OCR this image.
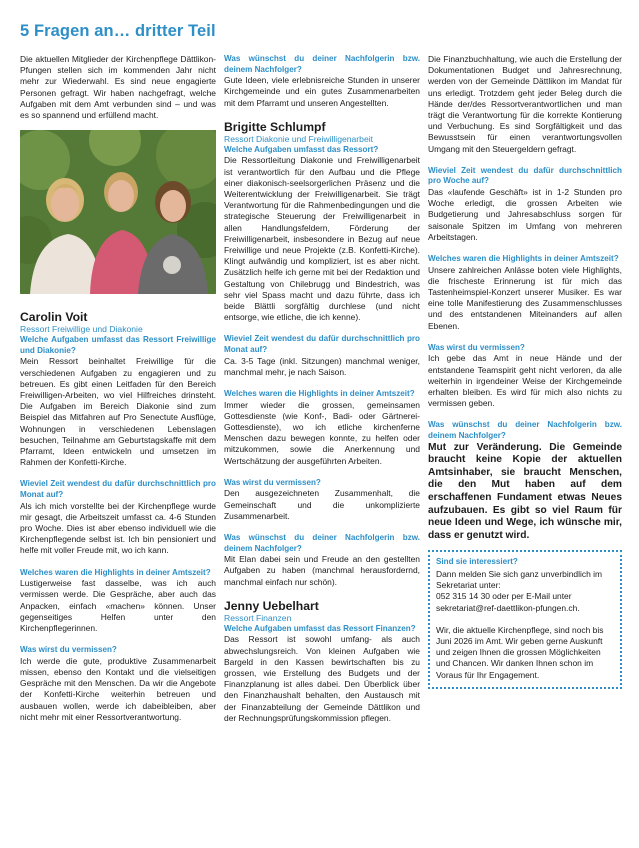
5 Fragen an… dritter Teil

Die aktuellen Mitglieder der Kirchenpflege Dättlikon-Pfungen stellen sich im kommenden Jahr nicht mehr zur Wiederwahl. Es sind neue engagierte Personen gefragt. Wir haben nachgefragt, welche Aufgaben mit dem Amt verbunden sind – und was es so spannend und erfüllend macht.

Carolin Voit

Ressort Freiwillige und Diakonie

Welche Aufgaben umfasst das Ressort Freiwillige und Diakonie?

Mein Ressort beinhaltet Freiwillige für die verschiedenen Aufgaben zu engagieren und zu betreuen. Es gibt einen Leitfaden für den Bereich Freiwilligen-Arbeiten, wo viel Hilfreiches drinsteht. Die Aufgaben im Bereich Diakonie sind zum Beispiel das Mitfahren auf Pro Senectute Ausflüge, Wohnungen in verschiedenen Lebenslagen besuchen, Teilnahme am Geburtstagskaffe mit dem Pfarramt, Ideen entwickeln und umsetzen im Rahmen der Konfetti-Kirche.

Wieviel Zeit wendest du dafür durchschnittlich pro Monat auf?

Als ich mich vorstellte bei der Kirchenpflege wurde mir gesagt, die Arbeitszeit umfasst ca. 4-6 Stunden pro Woche. Dies ist aber ebenso individuell wie die Kirchenpflegende selbst ist. Ich bin pensioniert und helfe mit voller Freude mit, wo ich kann.

Welches waren die Highlights in deiner Amtszeit?

Lustigerweise fast dasselbe, was ich auch vermissen werde. Die Gespräche, aber auch das Anpacken, einfach «machen» können. Unser gegenseitiges Helfen unter den Kirchenpflegerinnen.

Was wirst du vermissen?

Ich werde die gute, produktive Zusammenarbeit missen, ebenso den Kontakt und die vielseitigen Gespräche mit den Menschen. Da wir die Angebote der Konfetti-Kirche weiterhin betreuen und ausbauen wollen, werde ich dabeibleiben, aber nicht mehr mit einer Ressortverantwortung.

Was wünschst du deiner Nachfolgerin bzw. deinem Nachfolger?

Gute Ideen, viele erlebnisreiche Stunden in unserer Kirchgemeinde und ein gutes Zusammenarbeiten mit dem Pfarramt und unseren Angestellten.

Brigitte Schlumpf

Ressort Diakonie und Freiwilligenarbeit

Welche Aufgaben umfasst das Ressort?

Die Ressortleitung Diakonie und Freiwilligenarbeit ist verantwortlich für den Aufbau und die Pflege einer diakonisch-seelsorgerlichen Präsenz und die Weiterentwicklung der Freiwilligenarbeit. Sie trägt Verantwortung für die Rahmenbedingungen und die strategische Steuerung der Freiwilligenarbeit in allen Handlungsfeldern, Förderung der Freiwilligenarbeit, insbesondere in Bezug auf neue Freiwillige und neue Projekte (z.B. Konfetti-Kirche). Klingt aufwändig und kompliziert, ist es aber nicht. Zusätzlich helfe ich gerne mit bei der Redaktion und Gestaltung von Chilebrugg und Bindestrich, was sehr viel Spass macht und dazu führte, dass ich beide Blättli sorgfältig durchlese (und nicht entsorge, wie etliche, die ich kenne).

Wieviel Zeit wendest du dafür durchschnittlich pro Monat auf?

Ca. 3-5 Tage (inkl. Sitzungen) manchmal weniger, manchmal mehr, je nach Saison.

Welches waren die Highlights in deiner Amtszeit?

Immer wieder die grossen, gemeinsamen Gottesdienste (wie Konf-, Badi- oder Gärtnerei-Gottesdienste), wo ich etliche kirchenferne Menschen dazu bewegen konnte, zu helfen oder mitzukommen, sowie die Anerkennung und Wertschätzung der ausgeführten Arbeiten.

Was wirst du vermissen?

Den ausgezeichneten Zusammenhalt, die Gemeinschaft und die unkomplizierte Zusammenarbeit.

Was wünschst du deiner Nachfolgerin bzw. deinem Nachfolger?

Mit Elan dabei sein und Freude an den gestellten Aufgaben zu haben (manchmal herausfordernd, manchmal einfach nur schön).

Jenny Uebelhart

Ressort Finanzen

Welche Aufgaben umfasst das Ressort Finanzen?

Das Ressort ist sowohl umfang- als auch abwechslungsreich. Von kleinen Aufgaben wie Bargeld in den Kassen bewirtschaften bis zu grossen, wie Erstellung des Budgets und der Finanzplanung ist alles dabei. Den Überblick über den Finanzhaushalt behalten, den Austausch mit der Finanzabteilung der Gemeinde Dättlikon und der Rechnungsprüfungskommission pflegen.

Die Finanzbuchhaltung, wie auch die Erstellung der Dokumentationen Budget und Jahresrechnung, werden von der Gemeinde Dättlikon im Mandat für uns erledigt. Trotzdem geht jeder Beleg durch die Hände der/des Ressortverantwortlichen und man trägt die Verantwortung für die korrekte Kontierung und Verbuchung. Es sind Sorgfältigkeit und das Bewusstsein für einen verantwortungsvollen Umgang mit den Steuergeldern gefragt.

Wieviel Zeit wendest du dafür durchschnittlich pro Woche auf?

Das «laufende Geschäft» ist in 1-2 Stunden pro Woche erledigt, die grossen Arbeiten wie Budgetierung und Jahresabschluss sorgen für saisonale Spitzen im Umfang von mehreren Arbeitstagen.

Welches waren die Highlights in deiner Amtszeit?

Unsere zahlreichen Anlässe boten viele Highlights, die frischeste Erinnerung ist für mich das Tastenheimspiel-Konzert unserer Musiker. Es war eine tolle Manifestierung des Zusammenschlusses und des entstandenen Miteinanders auf allen Ebenen.

Was wirst du vermissen?

Ich gebe das Amt in neue Hände und der entstandene Teamspirit geht nicht verloren, da alle weiterhin in irgendeiner Weise der Kirchgemeinde erhalten bleiben. Es wird für mich also nichts zu vermissen geben.

Was wünschst du deiner Nachfolgerin bzw. deinem Nachfolger?

Mut zur Veränderung. Die Gemeinde braucht keine Kopie der aktuellen Amtsinhaber, sie braucht Menschen, die den Mut haben auf dem erschaffenen Fundament etwas Neues aufzubauen. Es gibt so viel Raum für neue Ideen und Wege, ich wünsche mir, dass er genutzt wird.

Sind sie interessiert?

Dann melden Sie sich ganz unverbindlich im Sekretariat unter:

052 315 14 30 oder per E-Mail unter sekretariat@ref-daettlikon-pfungen.ch.

Wir, die aktuelle Kirchenpflege, sind noch bis Juni 2026 im Amt. Wir geben gerne Auskunft und zeigen Ihnen die grossen Möglichkeiten und Chancen. Wir danken Ihnen schon im Voraus für Ihr Engagement.
